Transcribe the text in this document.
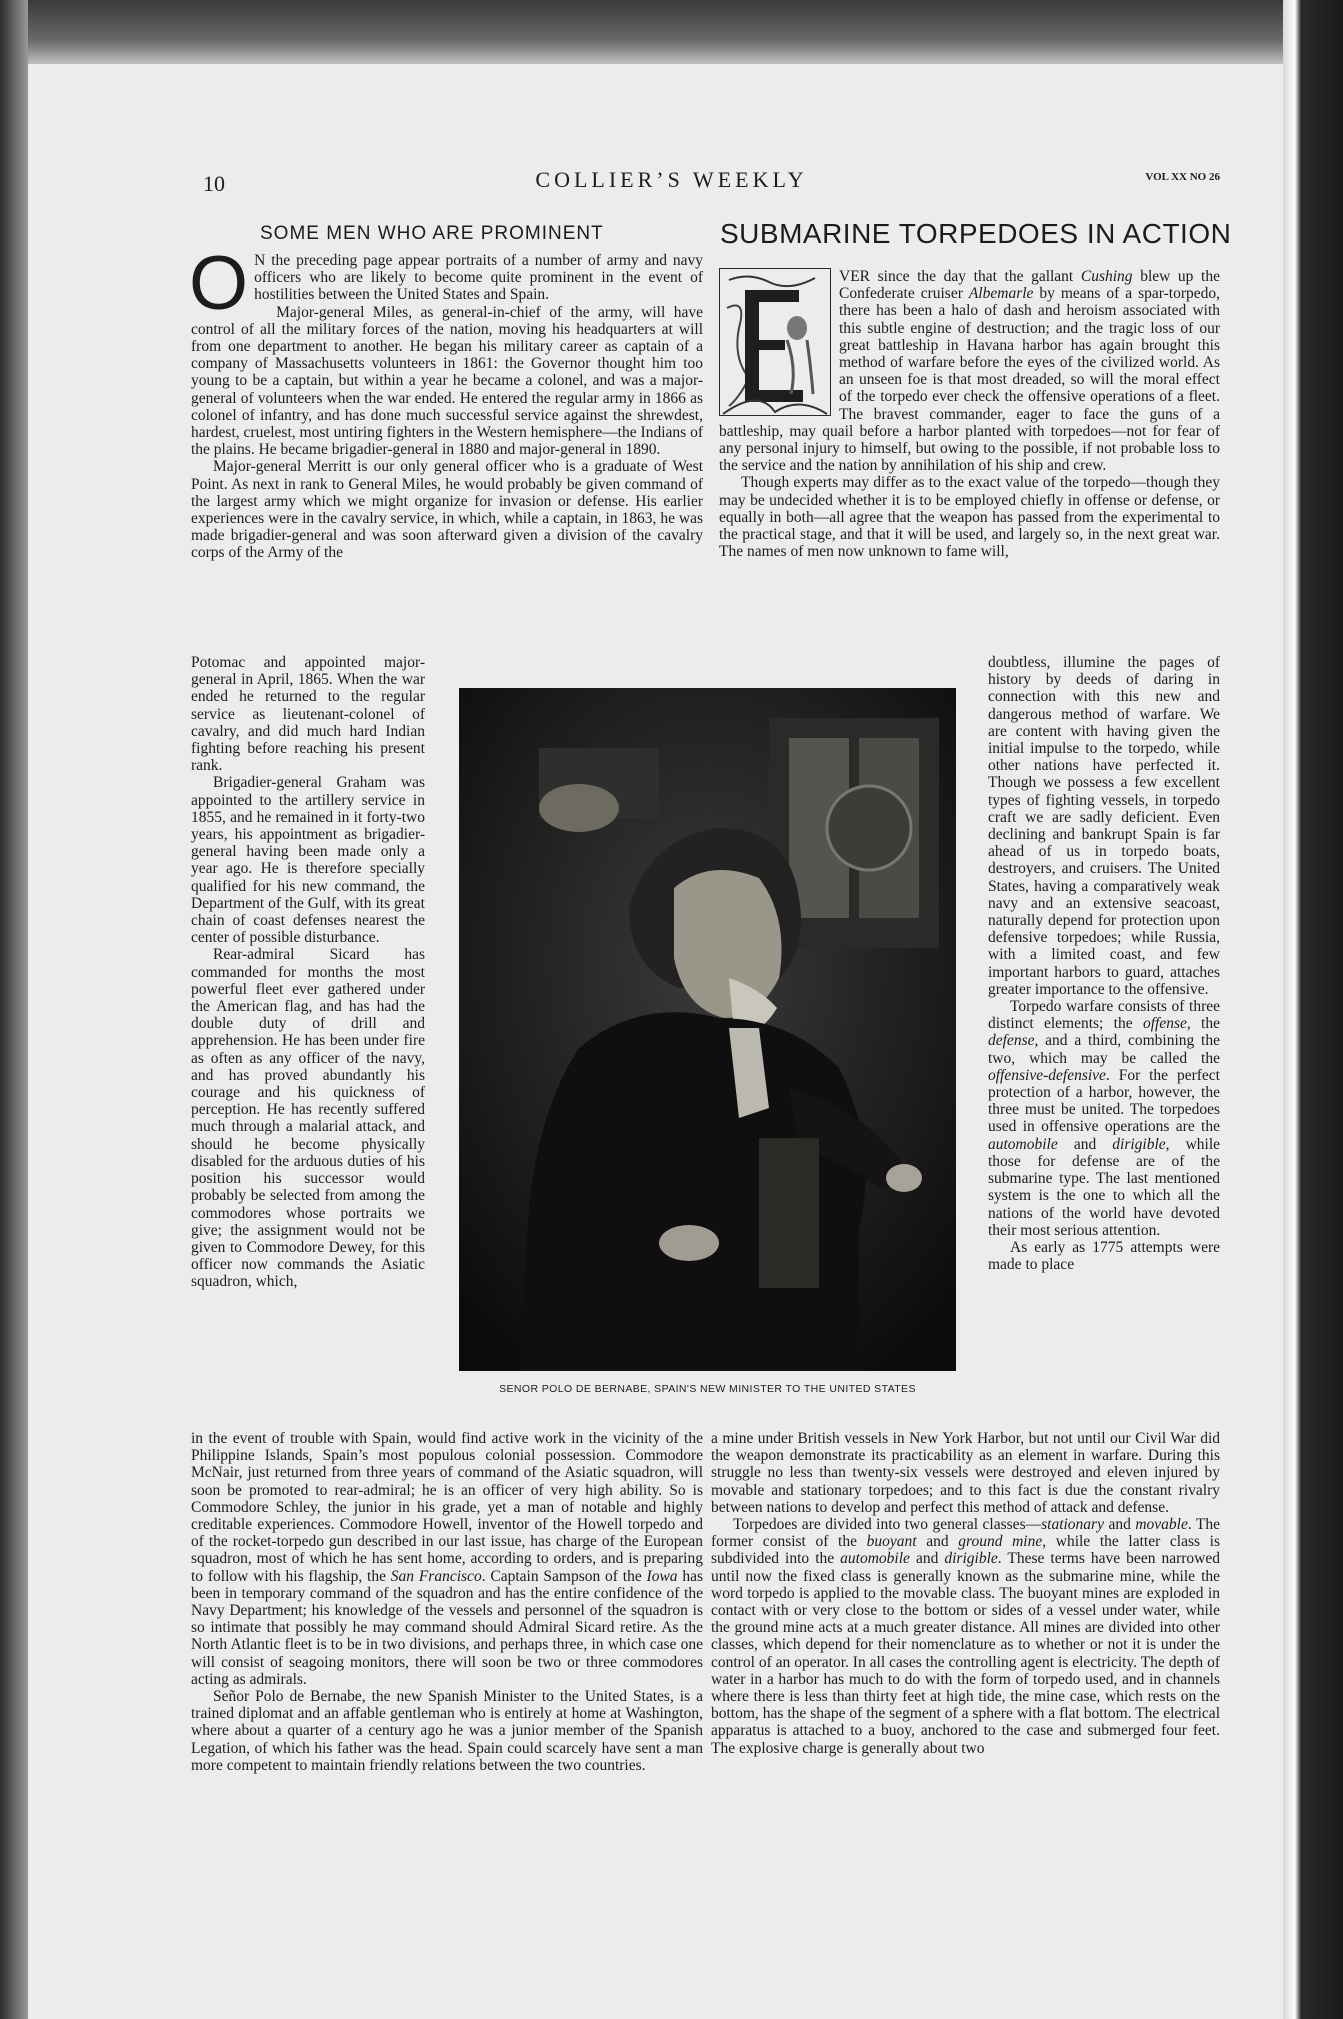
10	COLLIER’S WEEKLY	VOL XX NO 26
SOME MEN WHO ARE PROMINENT	SUBMARINE TORPEDOES IN ACTION

O N the preceding page appear portraits of a number of army and navy officers who are likely to become quite prominent in the event of hostilities between the United States and Spain.

Major-general Miles, as general-in-chief of the army, will have control of all the military forces of the nation, moving his headquarters at will from one department to another. He began his military career as captain of a company of Massachusetts volunteers in 1861: the Governor thought him too young to be a captain, but within a year he became a colonel, and was a major-general of volunteers when the war ended. He entered the regular army in 1866 as colonel of infantry, and has done much successful service against the shrewdest, hardest, cruelest, most untiring fighters in the Western hemisphere—the Indians of the plains. He became brigadier-general in 1880 and major-general in 1890.

Major-general Merritt is our only general officer who is a graduate of West Point. As next in rank to General Miles, he would probably be given command of the largest army which we might organize for invasion or defense. His earlier experiences were in the cavalry service, in which, while a captain, in 1863, he was made brigadier-general and was soon afterward given a division of the cavalry corps of the Army of the

Potomac and appointed major-general in April, 1865. When the war ended he returned to the regular service as lieutenant-colonel of cavalry, and did much hard Indian fighting before reaching his present rank.

Brigadier-general Graham was appointed to the artillery service in 1855, and he remained in it forty-two years, his appointment as brigadier-general having been made only a year ago. He is therefore specially qualified for his new command, the Department of the Gulf, with its great chain of coast defenses nearest the center of possible disturbance.

Rear-admiral Sicard has commanded for months the most powerful fleet ever gathered under the American flag, and has had the double duty of drill and apprehension. He has been under fire as often as any officer of the navy, and has proved abundantly his courage and his quickness of perception. He has recently suffered much through a malarial attack, and should he become physically disabled for the arduous duties of his position his successor would probably be selected from among the commodores whose portraits we give; the assignment would not be given to Commodore Dewey, for this officer now commands the Asiatic squadron, which,

in the event of trouble with Spain, would find active work in the vicinity of the Philippine Islands, Spain’s most populous colonial possession. Commodore McNair, just returned from three years of command of the Asiatic squadron, will soon be promoted to rear-admiral; he is an officer of very high ability. So is Commodore Schley, the junior in his grade, yet a man of notable and highly creditable experiences. Commodore Howell, inventor of the Howell torpedo and of the rocket-torpedo gun described in our last issue, has charge of the European squadron, most of which he has sent home, according to orders, and is preparing to follow with his flagship, the San Francisco. Captain Sampson of the Iowa has been in temporary command of the squadron and has the entire confidence of the Navy Department; his knowledge of the vessels and personnel of the squadron is so intimate that possibly he may command should Admiral Sicard retire. As the North Atlantic fleet is to be in two divisions, and perhaps three, in which case one will consist of seagoing monitors, there will soon be two or three commodores acting as admirals.

Señor Polo de Bernabe, the new Spanish Minister to the United States, is a trained diplomat and an affable gentleman who is entirely at home at Washington, where about a quarter of a century ago he was a junior member of the Spanish Legation, of which his father was the head. Spain could scarcely have sent a man more competent to maintain friendly relations between the two countries.

VER since the day that the gallant Cushing blew up the Confederate cruiser Albemarle by means of a spar-torpedo, there has been a halo of dash and heroism associated with this subtle engine of destruction; and the tragic loss of our great battleship in Havana harbor has again brought this method of warfare before the eyes of the civilized world. As an unseen foe is that most dreaded, so will the moral effect of the torpedo ever check the offensive operations of a fleet. The bravest commander, eager to face the guns of a battleship, may quail before a harbor planted with torpedoes—not for fear of any personal injury to himself, but owing to the possible, if not probable loss to the service and the nation by annihilation of his ship and crew.

Though experts may differ as to the exact value of the torpedo—though they may be undecided whether it is to be employed chiefly in offense or defense, or equally in both—all agree that the weapon has passed from the experimental to the practical stage, and that it will be used, and largely so, in the next great war. The names of men now unknown to fame will,

doubtless, illumine the pages of history by deeds of daring in connection with this new and dangerous method of warfare. We are content with having given the initial impulse to the torpedo, while other nations have perfected it. Though we possess a few excellent types of fighting vessels, in torpedo craft we are sadly deficient. Even declining and bankrupt Spain is far ahead of us in torpedo boats, destroyers, and cruisers. The United States, having a comparatively weak navy and an extensive seacoast, naturally depend for protection upon defensive torpedoes; while Russia, with a limited coast, and few important harbors to guard, attaches greater importance to the offensive.

Torpedo warfare consists of three distinct elements; the offense, the defense, and a third, combining the two, which may be called the offensive-defensive. For the perfect protection of a harbor, however, the three must be united. The torpedoes used in offensive operations are the automobile and dirigible, while those for defense are of the submarine type. The last mentioned system is the one to which all the nations of the world have devoted their most serious attention.

As early as 1775 attempts were made to place

a mine under British vessels in New York Harbor, but not until our Civil War did the weapon demonstrate its practicability as an element in warfare. During this struggle no less than twenty-six vessels were destroyed and eleven injured by movable and stationary torpedoes; and to this fact is due the constant rivalry between nations to develop and perfect this method of attack and defense.

Torpedoes are divided into two general classes—stationary and movable. The former consist of the buoyant and ground mine, while the latter class is subdivided into the automobile and dirigible. These terms have been narrowed until now the fixed class is generally known as the submarine mine, while the word torpedo is applied to the movable class. The buoyant mines are exploded in contact with or very close to the bottom or sides of a vessel under water, while the ground mine acts at a much greater distance. All mines are divided into other classes, which depend for their nomenclature as to whether or not it is under the control of an operator. In all cases the controlling agent is electricity. The depth of water in a harbor has much to do with the form of torpedo used, and in channels where there is less than thirty feet at high tide, the mine case, which rests on the bottom, has the shape of the segment of a sphere with a flat bottom. The electrical apparatus is attached to a buoy, anchored to the case and submerged four feet. The explosive charge is generally about two

SENOR POLO DE BERNABE, SPAIN'S NEW MINISTER TO THE UNITED STATES
